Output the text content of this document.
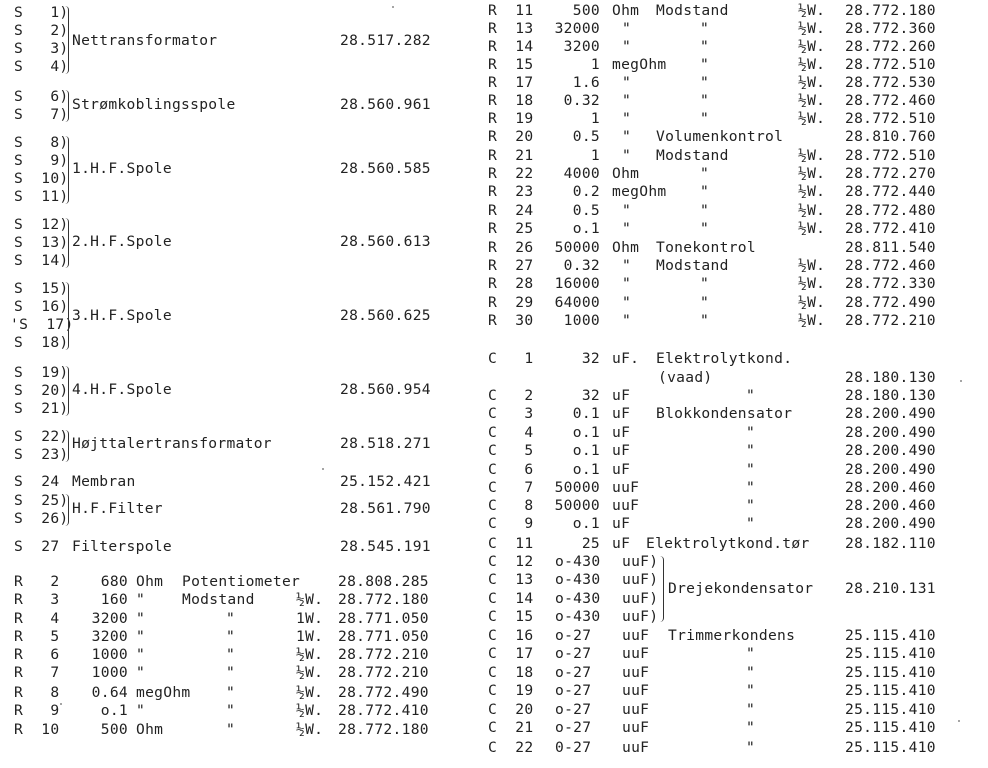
S   1)
S   2)
S   3)
S   4)
Nettransformator	28.517.282
S   6)
S   7)
Strømkoblingsspole	28.560.961
S   8)
S   9)
S  10)
S  11)
1.H.F.Spole	28.560.585
S  12)
S  13)
S  14)
2.H.F.Spole	28.560.613
S  15)
S  16)
'S  17)
S  18)
3.H.F.Spole	28.560.625
S  19)
S  20)
S  21)
4.H.F.Spole	28.560.954
S  22)
S  23)
Højttalertransformator	28.518.271
S  24 Membran	25.152.421
S  25)
S  26)
H.F.Filter	28.561.790
S  27 Filterspole	28.545.191
R   2	680 Ohm Potentiometer	28.808.285
R   3	160 "	Modstand	½W. 28.772.180
R   4 3200 "	"	1W. 28.771.050
R   5 3200 "	"	1W. 28.771.050
R   6 1000 "	"	½W. 28.772.210
R   7 1000 "	"	½W. 28.772.210
R   8 0.64 megOhm "	½W. 28.772.490
R   9	o.1 "	"	½W. 28.772.410
R  10	500 Ohm	"	½W. 28.772.180
R  11	500 Ohm Modstand	½W. 28.772.180
R  13 32000 "	"	½W. 28.772.360
R  14 3200 "	"	½W. 28.772.260
R  15	1 megOhm "	½W. 28.772.510
R  17	1.6 "	"	½W. 28.772.530
R  18 0.32 "	"	½W. 28.772.460
R  19	1 "	"	½W. 28.772.510
R  20	0.5 " Volumenkontrol	28.810.760
R  21	1 " Modstand	½W. 28.772.510
R  22 4000 Ohm	"	½W. 28.772.270
R  23	0.2 megOhm "	½W. 28.772.440
R  24	0.5 "	"	½W. 28.772.480
R  25	o.1 "	"	½W. 28.772.410
R  26 50000 Ohm Tonekontrol	28.811.540
R  27 0.32 " Modstand	½W. 28.772.460
R  28 16000 "	"	½W. 28.772.330
R  29 64000 "	"	½W. 28.772.490
R  30 1000 "	"	½W. 28.772.210
C   1	32 uF. Elektrolytkond.
(vaad)	28.180.130
C   2	32 uF	"	28.180.130
C   3	0.1 uF Blokkondensator	28.200.490
C   4	o.1 uF	"	28.200.490
C   5	o.1 uF	"	28.200.490
C   6	o.1 uF	"	28.200.490
C   7 50000 uuF	"	28.200.460
C   8 50000 uuF	"	28.200.460
C   9	o.1 uF	"	28.200.490
C  11	25 uF Elektrolytkond.tør 28.182.110
C  12 o-430 uuF)
C  13 o-430 uuF)
C  14 o-430 uuF)
C  15 o-430 uuF)
Drejekondensator 28.210.131
C  16 o-27 uuF Trimmerkondens	25.115.410
C  17 o-27 uuF	"	25.115.410
C  18 o-27 uuF	"	25.115.410
C  19 o-27 uuF	"	25.115.410
C  20 o-27 uuF	"	25.115.410
C  21 o-27 uuF	"	25.115.410
C  22 0-27 uuF	"	25.115.410
